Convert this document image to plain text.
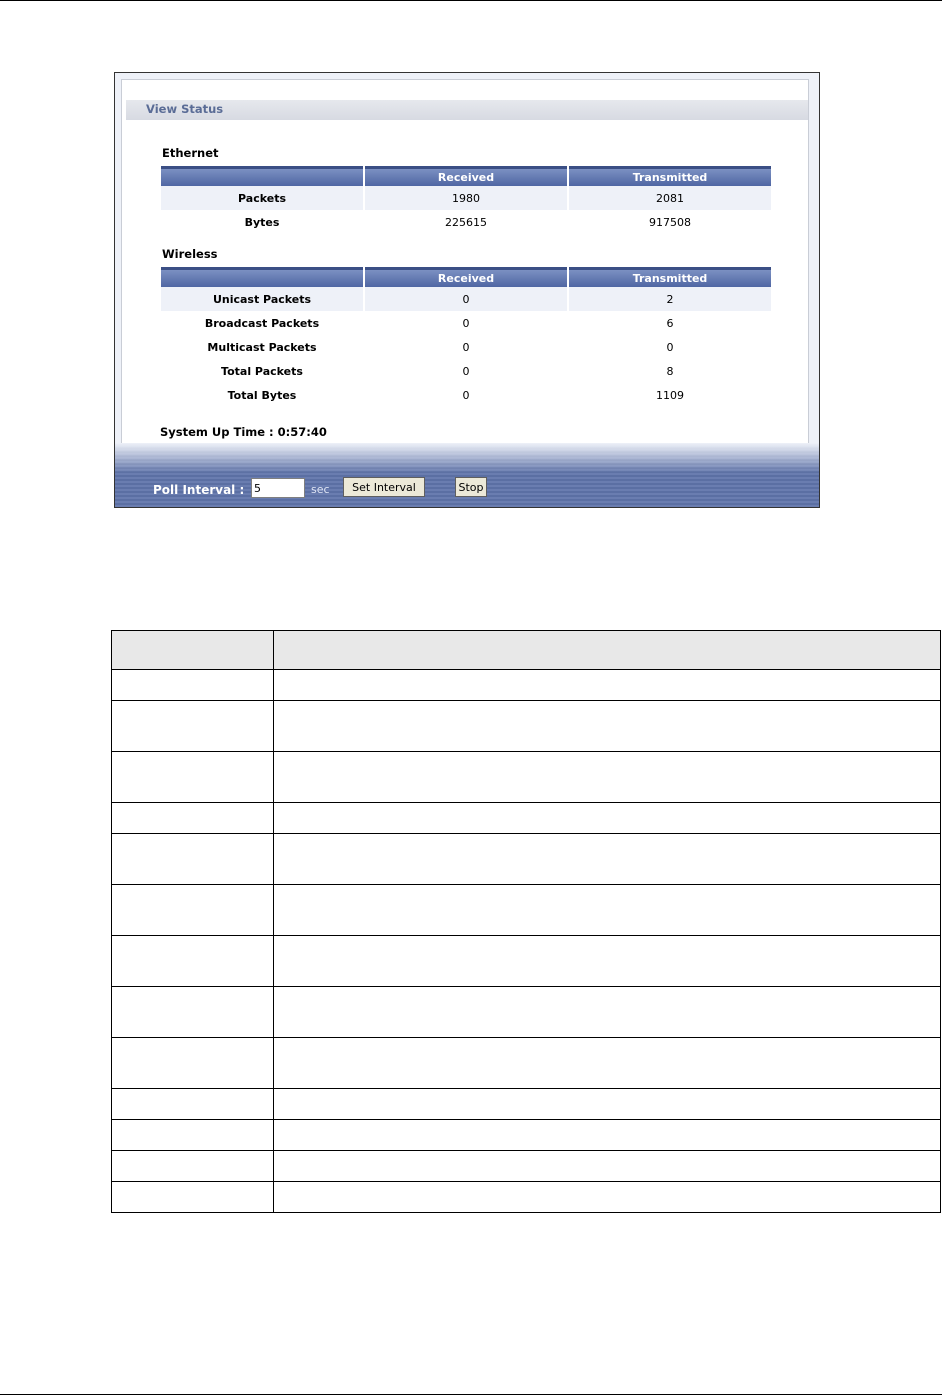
View Status
Ethernet
	Received	Transmitted
Packets	1980	2081
Bytes	225615	917508
Wireless
	Received	Transmitted
Unicast Packets	0	2
Broadcast Packets	0	6
Multicast Packets	0	0
Total Packets	0	8
Total Bytes	0	1109
System Up Time : 0:57:40
Poll Interval :
5	sec	Set Interval	Stop
